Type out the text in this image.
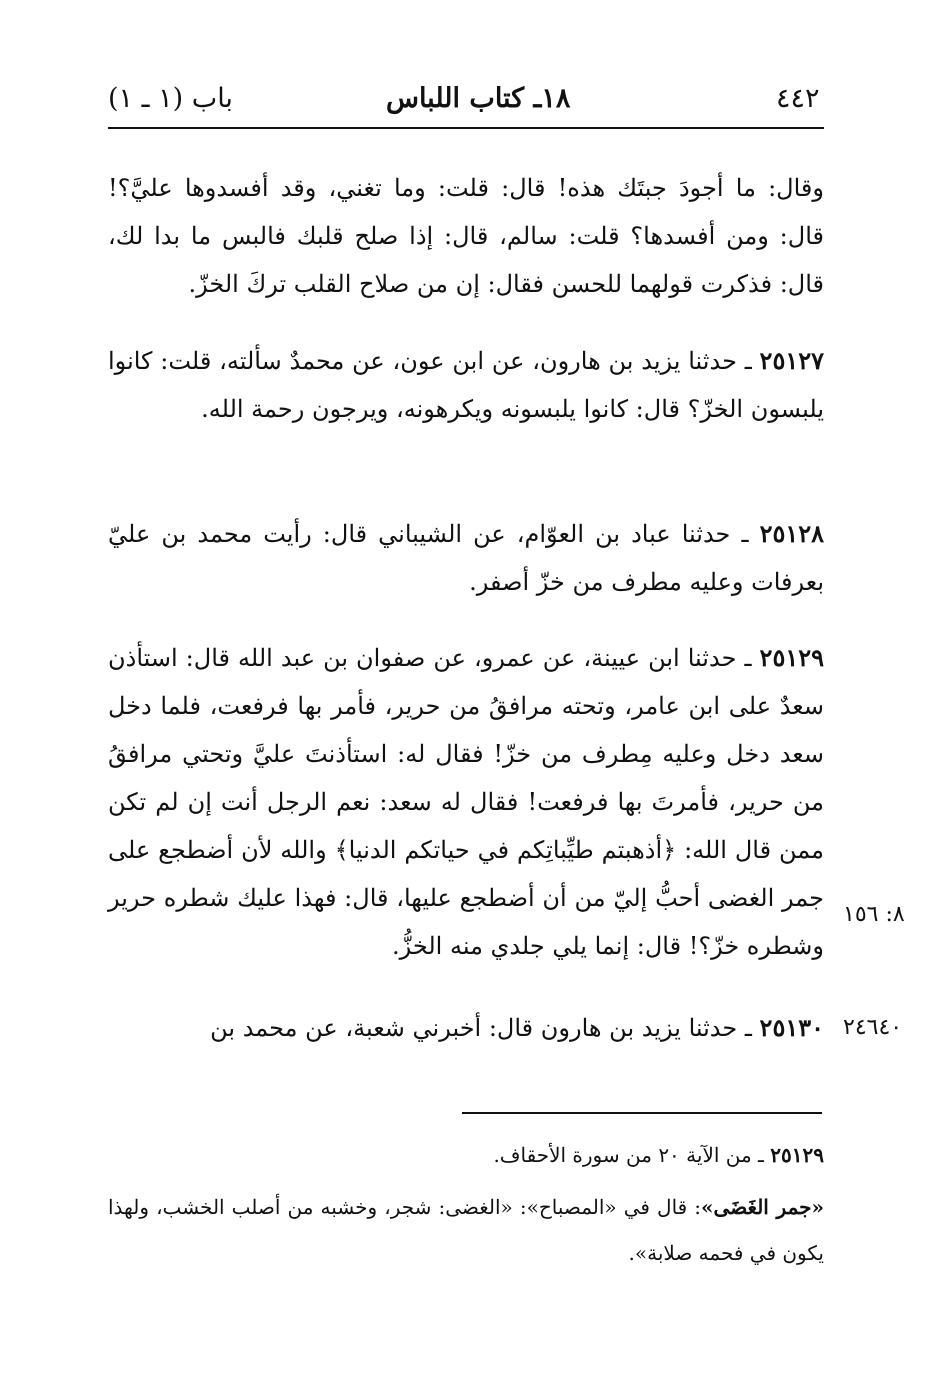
باب (١ ـ ١)	١٨ـ كتاب اللباس	٤٤٢
وقال: ما أجودَ جبتَك هذه! قال: قلت: وما تغني، وقد أفسدوها عليَّ؟! قال: ومن أفسدها؟ قلت: سالم، قال: إذا صلح قلبك فالبس ما بدا لك، قال: فذكرت قولهما للحسن فقال: إن من صلاح القلب تركَ الخزّ.
٢٥١٢٧ ـ حدثنا يزيد بن هارون، عن ابن عون، عن محمدٌ سألته، قلت: كانوا يلبسون الخزّ؟ قال: كانوا يلبسونه ويكرهونه، ويرجون رحمة الله.
٢٥١٢٨ ـ حدثنا عباد بن العوّام، عن الشيباني قال: رأيت محمد بن عليّ بعرفات وعليه مطرف من خزّ أصفر.
٢٥١٢٩ ـ حدثنا ابن عيينة، عن عمرو، عن صفوان بن عبد الله قال: استأذن سعدٌ على ابن عامر، وتحته مرافقُ من حرير، فأمر بها فرفعت، فلما دخل سعد دخل وعليه مِطرف من خزّ! فقال له: استأذنتَ عليَّ وتحتي مرافقُ من حرير، فأمرتَ بها فرفعت! فقال له سعد: نعم الرجل أنت إن لم تكن ممن قال الله: ﴿أذهبتم طيِّباتِكم في حياتكم الدنيا﴾ والله لأن أضطجع على جمر الغضى أحبُّ إليّ من أن أضطجع عليها، قال: فهذا عليك شطره حرير وشطره خزّ؟! قال: إنما يلي جلدي منه الخزُّ.
٢٥١٣٠ ـ حدثنا يزيد بن هارون قال: أخبرني شعبة، عن محمد بن
٨: ١٥٦
٢٤٦٤٠
٢٥١٢٩ ـ من الآية ٢٠ من سورة الأحقاف.
«جمر الغَضَى»: قال في «المصباح»: «الغضى: شجر، وخشبه من أصلب الخشب، ولهذا يكون في فحمه صلابة».
